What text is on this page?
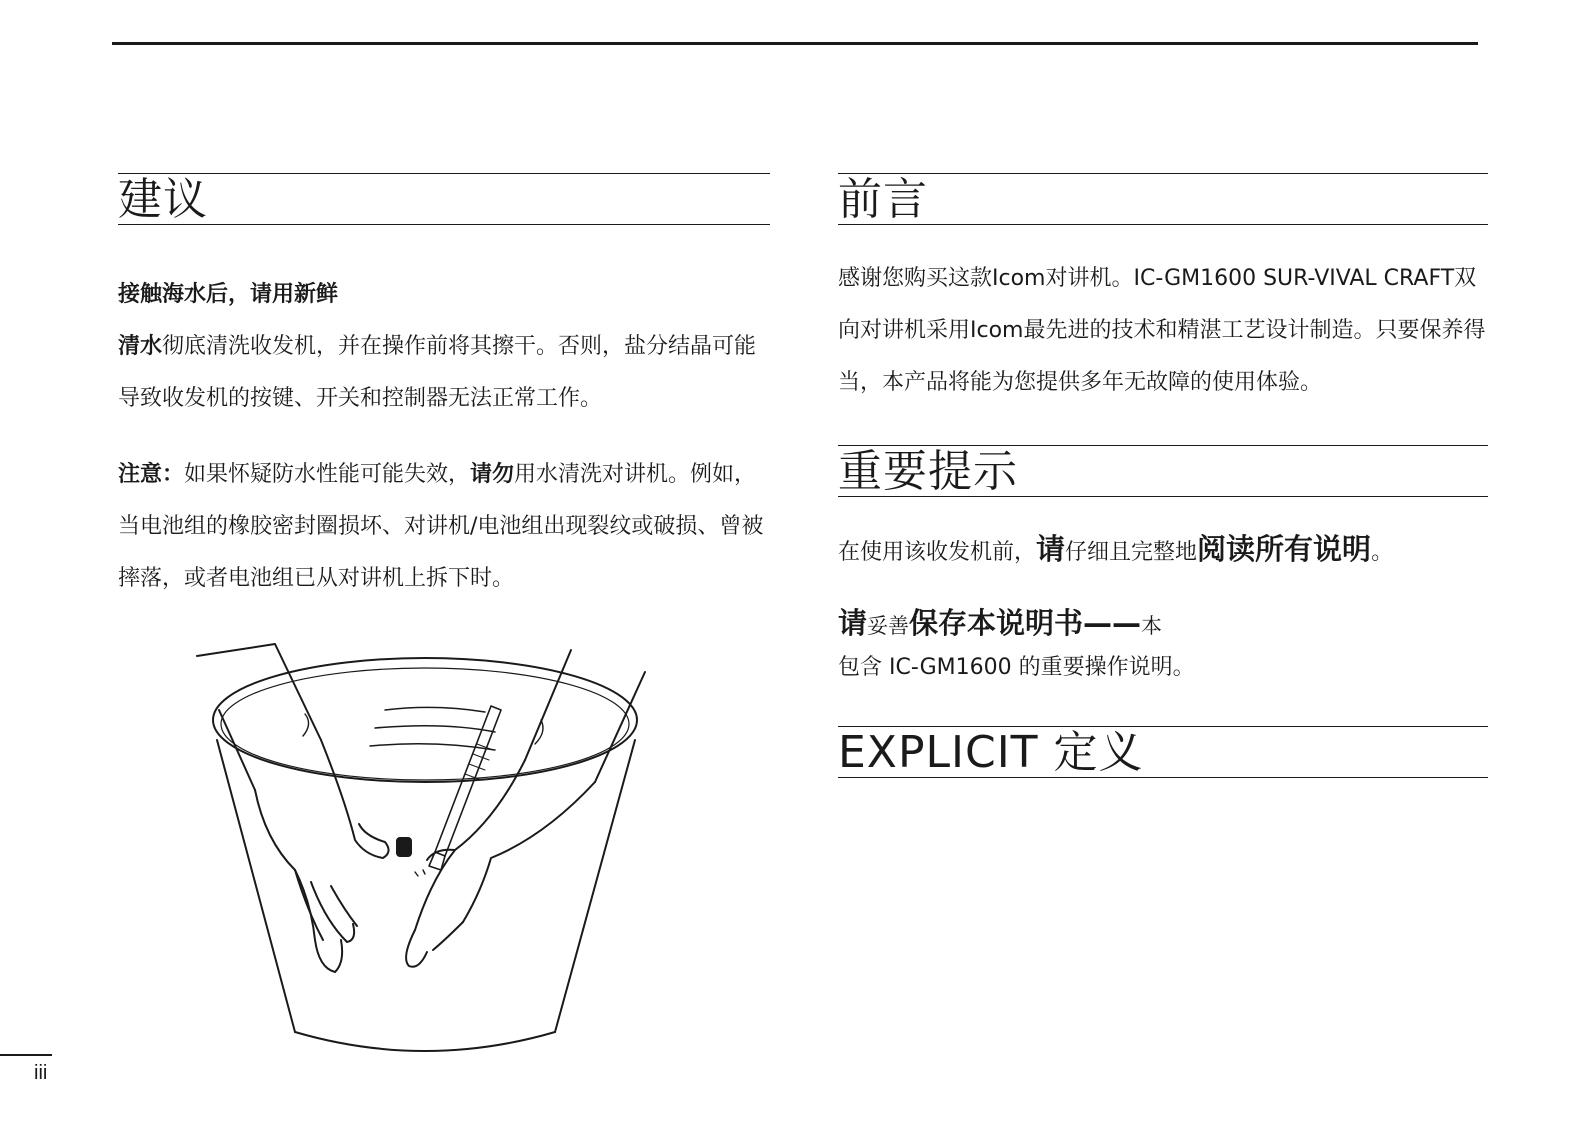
建议

接触海水后，请用新鲜

清水彻底清洗收发机，并在操作前将其擦干。否则，盐分结晶可能导致收发机的按键、开关和控制器无法正常工作。

注意：如果怀疑防水性能可能失效，请勿用水清洗对讲机。例如，当电池组的橡胶密封圈损坏、对讲机/电池组出现裂纹或破损、曾被摔落，或者电池组已从对讲机上拆下时。

前言

感谢您购买这款Icom对讲机。IC-GM1600 SUR-VIVAL CRAFT双向对讲机采用Icom最先进的技术和精湛工艺设计制造。只要保养得当，本产品将能为您提供多年无故障的使用体验。

重要提示

在使用该收发机前，请仔细且完整地阅读所有说明。

请妥善保存本说明书——本

包含 IC-GM1600 的重要操作说明。

EXPLICIT 定义
iii
